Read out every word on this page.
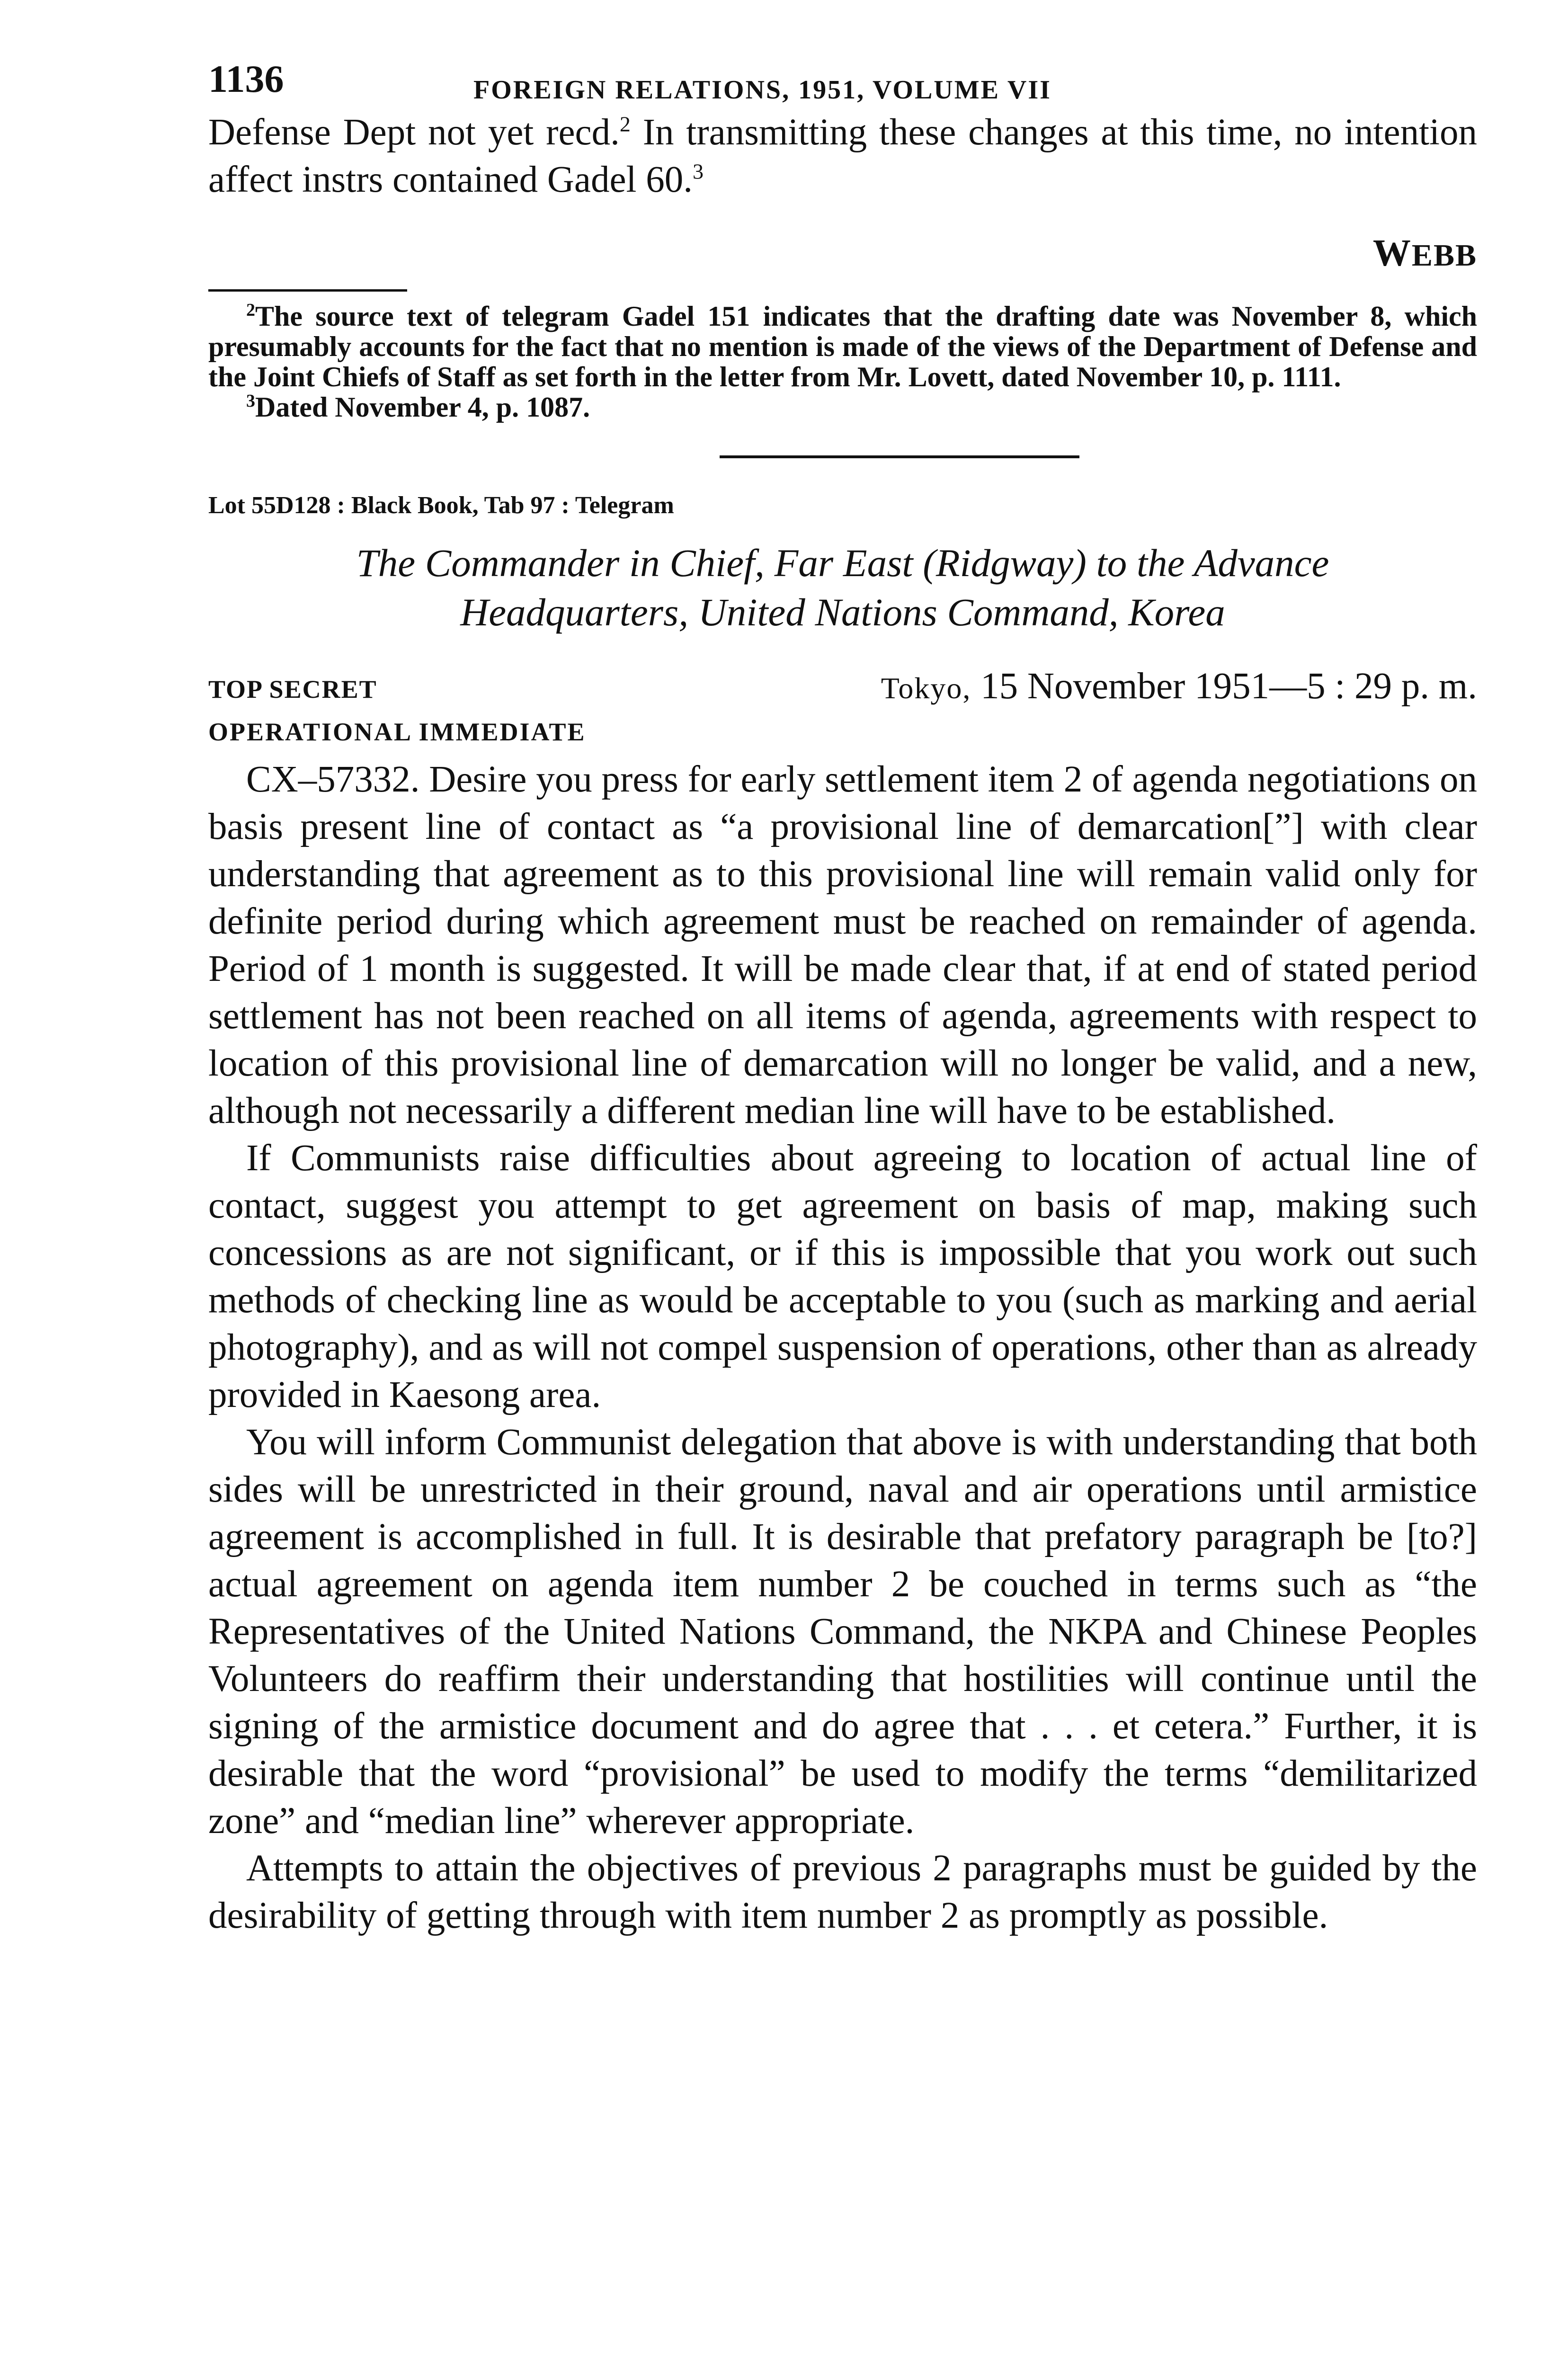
1136	FOREIGN RELATIONS, 1951, VOLUME VII

Defense Dept not yet recd.$^2$ In transmitting these changes at this time, no intention affect instrs contained Gadel 60.$^3$

WEBB

$^2$The source text of telegram Gadel 151 indicates that the drafting date was November 8, which presumably accounts for the fact that no mention is made of the views of the Department of Defense and the Joint Chiefs of Staff as set forth in the letter from Mr. Lovett, dated November 10, p. 1111.

$^3$Dated November 4, p. 1087.

Lot 55D128 : Black Book, Tab 97 : Telegram

The Commander in Chief, Far East (Ridgway) to the Advance
Headquarters, United Nations Command, Korea
TOP SECRET	Tokyo, 15 November 1951—5 : 29 p. m.

OPERATIONAL IMMEDIATE

CX–57332. Desire you press for early settlement item 2 of agenda negotiations on basis present line of contact as “a provisional line of demarcation[”] with clear understanding that agreement as to this provisional line will remain valid only for definite period during which agreement must be reached on remainder of agenda. Period of 1 month is suggested. It will be made clear that, if at end of stated period settlement has not been reached on all items of agenda, agreements with respect to location of this provisional line of demarcation will no longer be valid, and a new, although not necessarily a different median line will have to be established.

If Communists raise difficulties about agreeing to location of actual line of contact, suggest you attempt to get agreement on basis of map, making such concessions as are not significant, or if this is impossible that you work out such methods of checking line as would be acceptable to you (such as marking and aerial photography), and as will not compel suspension of operations, other than as already provided in Kaesong area.

You will inform Communist delegation that above is with understanding that both sides will be unrestricted in their ground, naval and air operations until armistice agreement is accomplished in full. It is desirable that prefatory paragraph be [to?] actual agreement on agenda item number 2 be couched in terms such as “the Representatives of the United Nations Command, the NKPA and Chinese Peoples Volunteers do reaffirm their understanding that hostilities will continue until the signing of the armistice document and do agree that . . . et cetera.” Further, it is desirable that the word “provisional” be used to modify the terms “demilitarized zone” and “median line” wherever appropriate.

Attempts to attain the objectives of previous 2 paragraphs must be guided by the desirability of getting through with item number 2 as promptly as possible.
